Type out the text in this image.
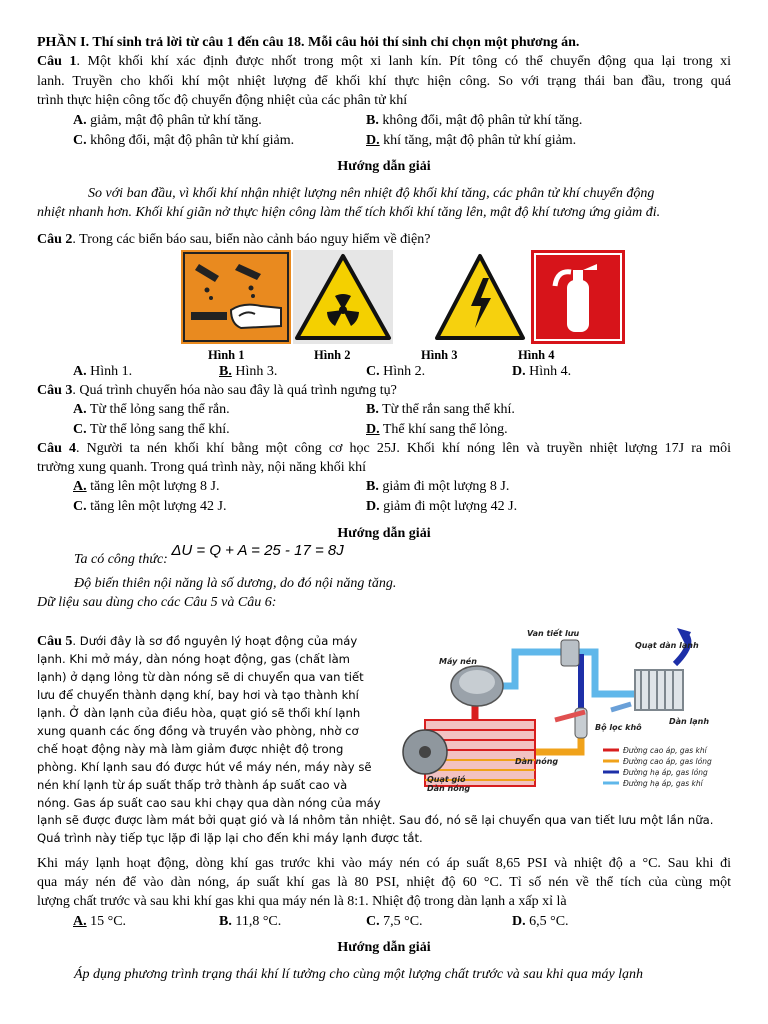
PHẦN I. Thí sinh trả lời từ câu 1 đến câu 18. Mỗi câu hỏi thí sinh chỉ chọn một phương án.
Câu 1. Một khối khí xác định được nhốt trong một xi lanh kín. Pít tông có thể chuyển động qua lại trong xi
lanh. Truyền cho khối khí một nhiệt lượng để khối khí thực hiện công. So với trạng thái ban đầu, trong quá
trình thực hiện công tốc độ chuyển động nhiệt của các phân tử khí
A. giảm, mật độ phân tử khí tăng.	B. không đổi, mật độ phân tử khí tăng.
C. không đổi, mật độ phân tử khí giảm.	D. khí tăng, mật độ phân tử khí giảm.
Hướng dẫn giải
So với ban đầu, vì khối khí nhận nhiệt lượng nên nhiệt độ khối khí tăng, các phân tử khí chuyển động
nhiệt nhanh hơn. Khối khí giãn nở thực hiện công làm thể tích khối khí tăng lên, mật độ khí tương ứng giảm đi.
Câu 2. Trong các biển báo sau, biển nào cảnh báo nguy hiểm về điện?
Hình 1	Hình 2	Hình 3	Hình 4
A. Hình 1.	B. Hình 3.	C. Hình 2.	D. Hình 4.
Câu 3. Quá trình chuyển hóa nào sau đây là quá trình ngưng tụ?
A. Từ thể lỏng sang thể rắn.	B. Từ thể rắn sang thể khí.
C. Từ thể lỏng sang thể khí.	D. Thể khí sang thể lỏng.
Câu 4. Người ta nén khối khí bằng một công cơ học 25J. Khối khí nóng lên và truyền nhiệt lượng 17J ra môi
trường xung quanh. Trong quá trình này, nội năng khối khí
A. tăng lên một lượng 8 J.	B. giảm đi một lượng 8 J.
C. tăng lên một lượng 42 J.	D. giảm đi một lượng 42 J.
Hướng dẫn giải
Ta có công thức: ΔU = Q + A = 25 - 17 = 8J
Độ biến thiên nội năng là số dương, do đó nội năng tăng.
Dữ liệu sau dùng cho các Câu 5 và Câu 6:
Câu 5. Dưới đây là sơ đồ nguyên lý hoạt động của máy
lạnh. Khi mở máy, dàn nóng hoạt động, gas (chất làm
lạnh) ở dạng lỏng từ dàn nóng sẽ di chuyển qua van tiết
lưu để chuyển thành dạng khí, bay hơi và tạo thành khí
lạnh. Ở dàn lạnh của điều hòa, quạt gió sẽ thổi khí lạnh
xung quanh các ống đồng và truyền vào phòng, nhờ cơ
chế hoạt động này mà làm giảm được nhiệt độ trong
phòng. Khí lạnh sau đó được hút về máy nén, máy này sẽ
nén khí lạnh từ áp suất thấp trở thành áp suất cao và
nóng. Gas áp suất cao sau khi chạy qua dàn nóng của máy
lạnh sẽ được được làm mát bởi quạt gió và lá nhôm tản nhiệt. Sau đó, nó sẽ lại chuyển qua van tiết lưu một lần nữa.
Quá trình này tiếp tục lặp đi lặp lại cho đến khi máy lạnh được tắt.
Van tiết lưu
Quạt dàn lạnh
Máy nén
Bộ lọc khô
Dàn lạnh
Dàn nóng
Quạt gió
Dàn nóng
Đường cao áp, gas khí
Đường cao áp, gas lỏng
Đường hạ áp, gas lỏng
Đường hạ áp, gas khí
Khi máy lạnh hoạt động, dòng khí gas trước khi vào máy nén có áp suất 8,65 PSI và nhiệt độ a °C. Sau khi đi
qua máy nén để vào dàn nóng, áp suất khí gas là 80 PSI, nhiệt độ 60 °C. Tỉ số nén về thể tích của cùng một
lượng chất trước và sau khi khí gas khi qua máy nén là 8:1. Nhiệt độ trong dàn lạnh a xấp xỉ là
A. 15 °C.	B. 11,8 °C.	C. 7,5 °C.	D. 6,5 °C.
Hướng dẫn giải
Áp dụng phương trình trạng thái khí lí tưởng cho cùng một lượng chất trước và sau khi qua máy lạnh
